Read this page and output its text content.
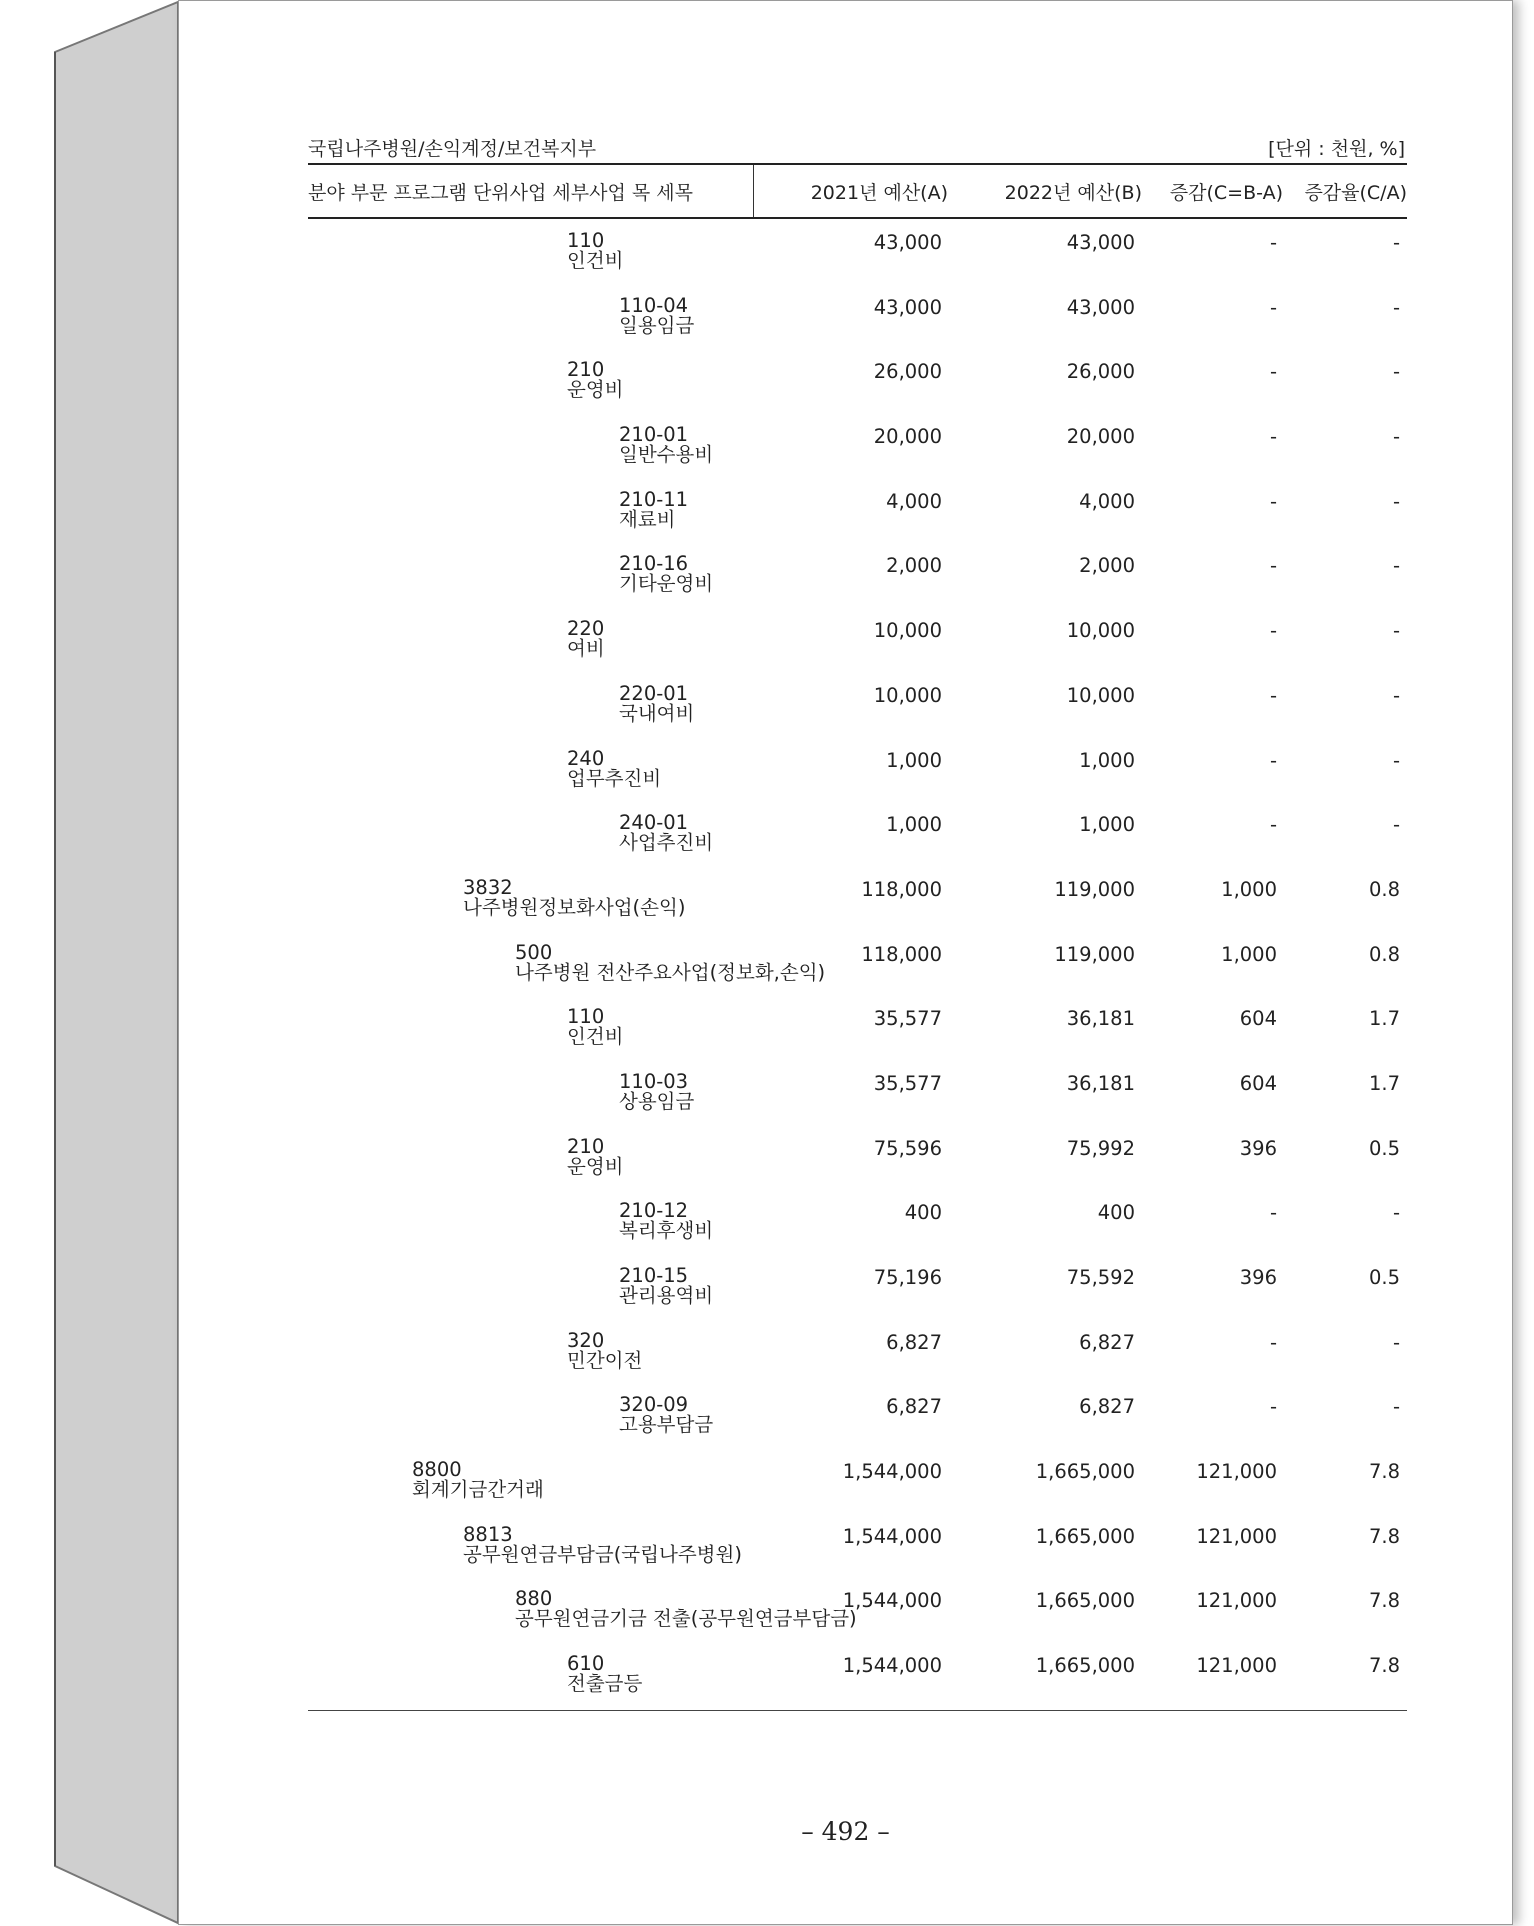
국립나주병원/손익계정/보건복지부	[단위 : 천원, %]
분야 부문 프로그램 단위사업 세부사업 목 세목	2021년 예산(A)	2022년 예산(B) 증감(C=B-A) 증감율(C/A)
110
인건비
43,000	43,000	-	-
110-04
일용임금
43,000	43,000	-	-
210
운영비
26,000	26,000	-	-
210-01
일반수용비
20,000	20,000	-	-
210-11
재료비
4,000	4,000	-	-
210-16
기타운영비
2,000	2,000	-	-
220
여비
10,000	10,000	-	-
220-01
국내여비
10,000	10,000	-	-
240
업무추진비
1,000	1,000	-	-
240-01
사업추진비
1,000	1,000	-	-
3832
나주병원정보화사업(손익)
118,000	119,000	1,000	0.8
500
나주병원 전산주요사업(정보화,손익)
118,000	119,000	1,000	0.8
110
인건비
35,577	36,181	604	1.7
110-03
상용임금
35,577	36,181	604	1.7
210
운영비
75,596	75,992	396	0.5
210-12
복리후생비
400	400	-	-
210-15
관리용역비
75,196	75,592	396	0.5
320
민간이전
6,827	6,827	-	-
320-09
고용부담금
6,827	6,827	-	-
8800
회계기금간거래
1,544,000	1,665,000	121,000	7.8
8813
공무원연금부담금(국립나주병원)
1,544,000	1,665,000	121,000	7.8
880
공무원연금기금 전출(공무원연금부담금)
1,544,000	1,665,000	121,000	7.8
610
전출금등
1,544,000	1,665,000	121,000	7.8
– 492 –
